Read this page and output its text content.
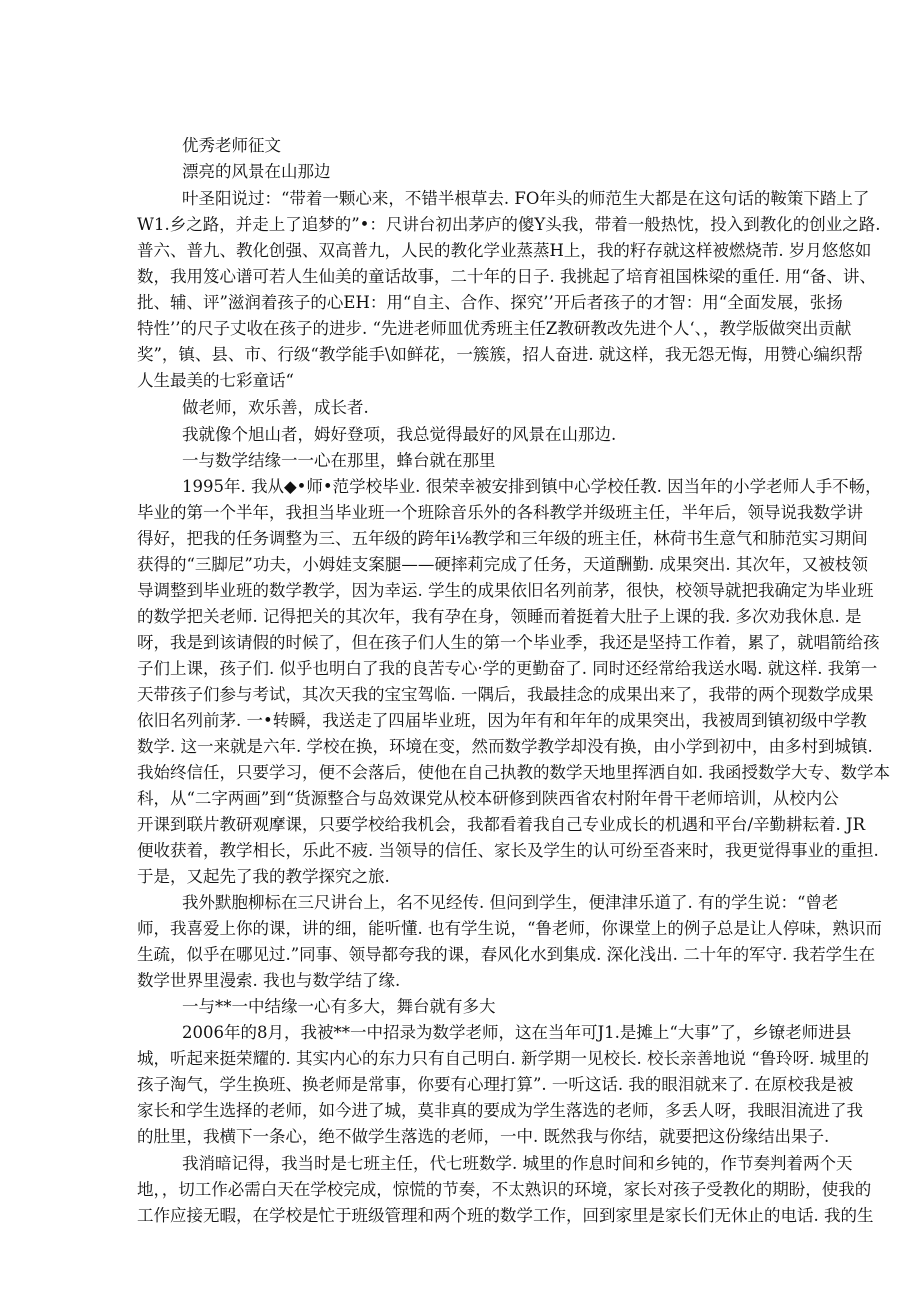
优秀老师征文
漂亮的风景在山那边
叶圣阳说过：“带着一颗心来，不错半根草去. FO年头的师范生大都是在这句话的鞍策下踏上了
W1.乡之路，并走上了追梦的”•：尺讲台初出茅庐的傻Y头我，带着一般热忱，投入到教化的创业之路.
普六、普九、教化创强、双高普九，人民的教化学业蒸蒸H上，我的籽存就这样被燃烧芾. 岁月悠悠如
数，我用笈心谱可若人生仙美的童话故事，二十年的日子. 我挑起了培育祖国株梁的重任. 用“备、讲、
批、辅、评”滋润着孩子的心EH：用“自主、合作、探究’’开后者孩子的才智：用“全面发展，张扬
特性’’的尺子丈收在孩子的进步. “先进老师皿优秀班主任Z教研教改先进个人‘、，教学版做突出贡献
奖”，镇、县、市、行级“教学能手\如鲜花，一簇簇，招人奋进. 就这样，我无怨无悔，用赞心编织帮
人生最美的七彩童话“
做老师，欢乐善，成长者.
我就像个旭山者，姆好登项，我总觉得最好的风景在山那边.
一与数学结缘一一心在那里，蜂台就在那里
1995年. 我从◆•师•范学校毕业. 很荣幸被安排到镇中心学校任教. 因当年的小学老师人手不畅，
毕业的第一个半年，我担当毕业班一个班除音乐外的各科教学并级班主任，半年后，领导说我数学讲
得好，把我的任务调整为三、五年级的跨年i⅛教学和三年级的班主任，林荷书生意气和肺范实习期间
获得的“三脚尼”功夫，小姆娃支案腿——硬摔莉完成了任务，天道酬勤. 成果突出. 其次年，又被枝领
导调整到毕业班的数学教学，因为幸运. 学生的成果依旧名列前茅，很快，校领导就把我确定为毕业班
的数学把关老师. 记得把关的其次年，我有孕在身，领睡而着挺着大肚子上课的我. 多次劝我休息. 是
呀，我是到该请假的时候了，但在孩子们人生的第一个毕业季，我还是坚持工作着，累了，就唱箭给孩
子们上课，孩子们. 似乎也明白了我的良苦专心·学的更勤奋了. 同时还经常给我送水喝. 就这样. 我第一
天带孩子们参与考试，其次天我的宝宝驾临. 一隅后，我最挂念的成果出来了，我带的两个现数学成果
依旧名列前茅. 一•转瞬，我送走了四届毕业班，因为年有和年年的成果突出，我被周到镇初级中学教
数学. 这一来就是六年. 学校在换，环境在变，然而数学教学却没有换，由小学到初中，由多村到城镇.
我始终信任，只要学习，便不会落后，使他在自己执教的数学天地里挥洒自如. 我函授数学大专、数学本
科，从“二字两画”到“货源整合与岛效课党从校本研修到陕西省农村附年骨干老师培训，从校内公
开课到联片教研观摩课，只要学校给我机会，我都看着我自己专业成长的机遇和平台/辛勤耕耘着. JR
便收获着，教学相长，乐此不疲. 当领导的信任、家长及学生的认可纷至沓来时，我更觉得事业的重担.
于是，又起先了我的教学探究之旅.
我外默胞柳标在三尺讲台上，名不见经传. 但问到学生，便津津乐道了. 有的学生说：“曾老
师，我喜爱上你的课，讲的细，能听懂. 也有学生说，“鲁老师，你课堂上的例子总是让人停味，熟识而
生疏，似乎在哪见过.”同事、领导都夸我的课，春风化水到集成. 深化浅出. 二十年的军守. 我若学生在
数学世界里漫索. 我也与数学结了缘.
一与**一中结缘一心有多大，舞台就有多大
2006年的8月，我被**一中招录为数学老师，这在当年可J1.是摊上“大事”了，乡镣老师进县
城，听起来挺荣耀的. 其实内心的东力只有自己明白. 新学期一见校长. 校长亲善地说 “鲁玲呀. 城里的
孩子淘气，学生换班、换老师是常事，你要有心理打算”. 一听这话. 我的眼泪就来了. 在原校我是被
家长和学生选择的老师，如今进了城，莫非真的要成为学生落选的老师，多丢人呀，我眼泪流进了我
的肚里，我横下一条心，绝不做学生落选的老师，一中. 既然我与你结，就要把这份缘结出果子.
我消暗记得，我当时是七班主任，代七班数学. 城里的作息时间和乡钝的，作节奏判着两个天
地，，切工作必需白天在学校完成，惊慌的节奏，不太熟识的环境，家长对孩子受教化的期盼，使我的
工作应接无暇，在学校是忙于班级管理和两个班的数学工作，回到家里是家长们无休止的电话. 我的生
